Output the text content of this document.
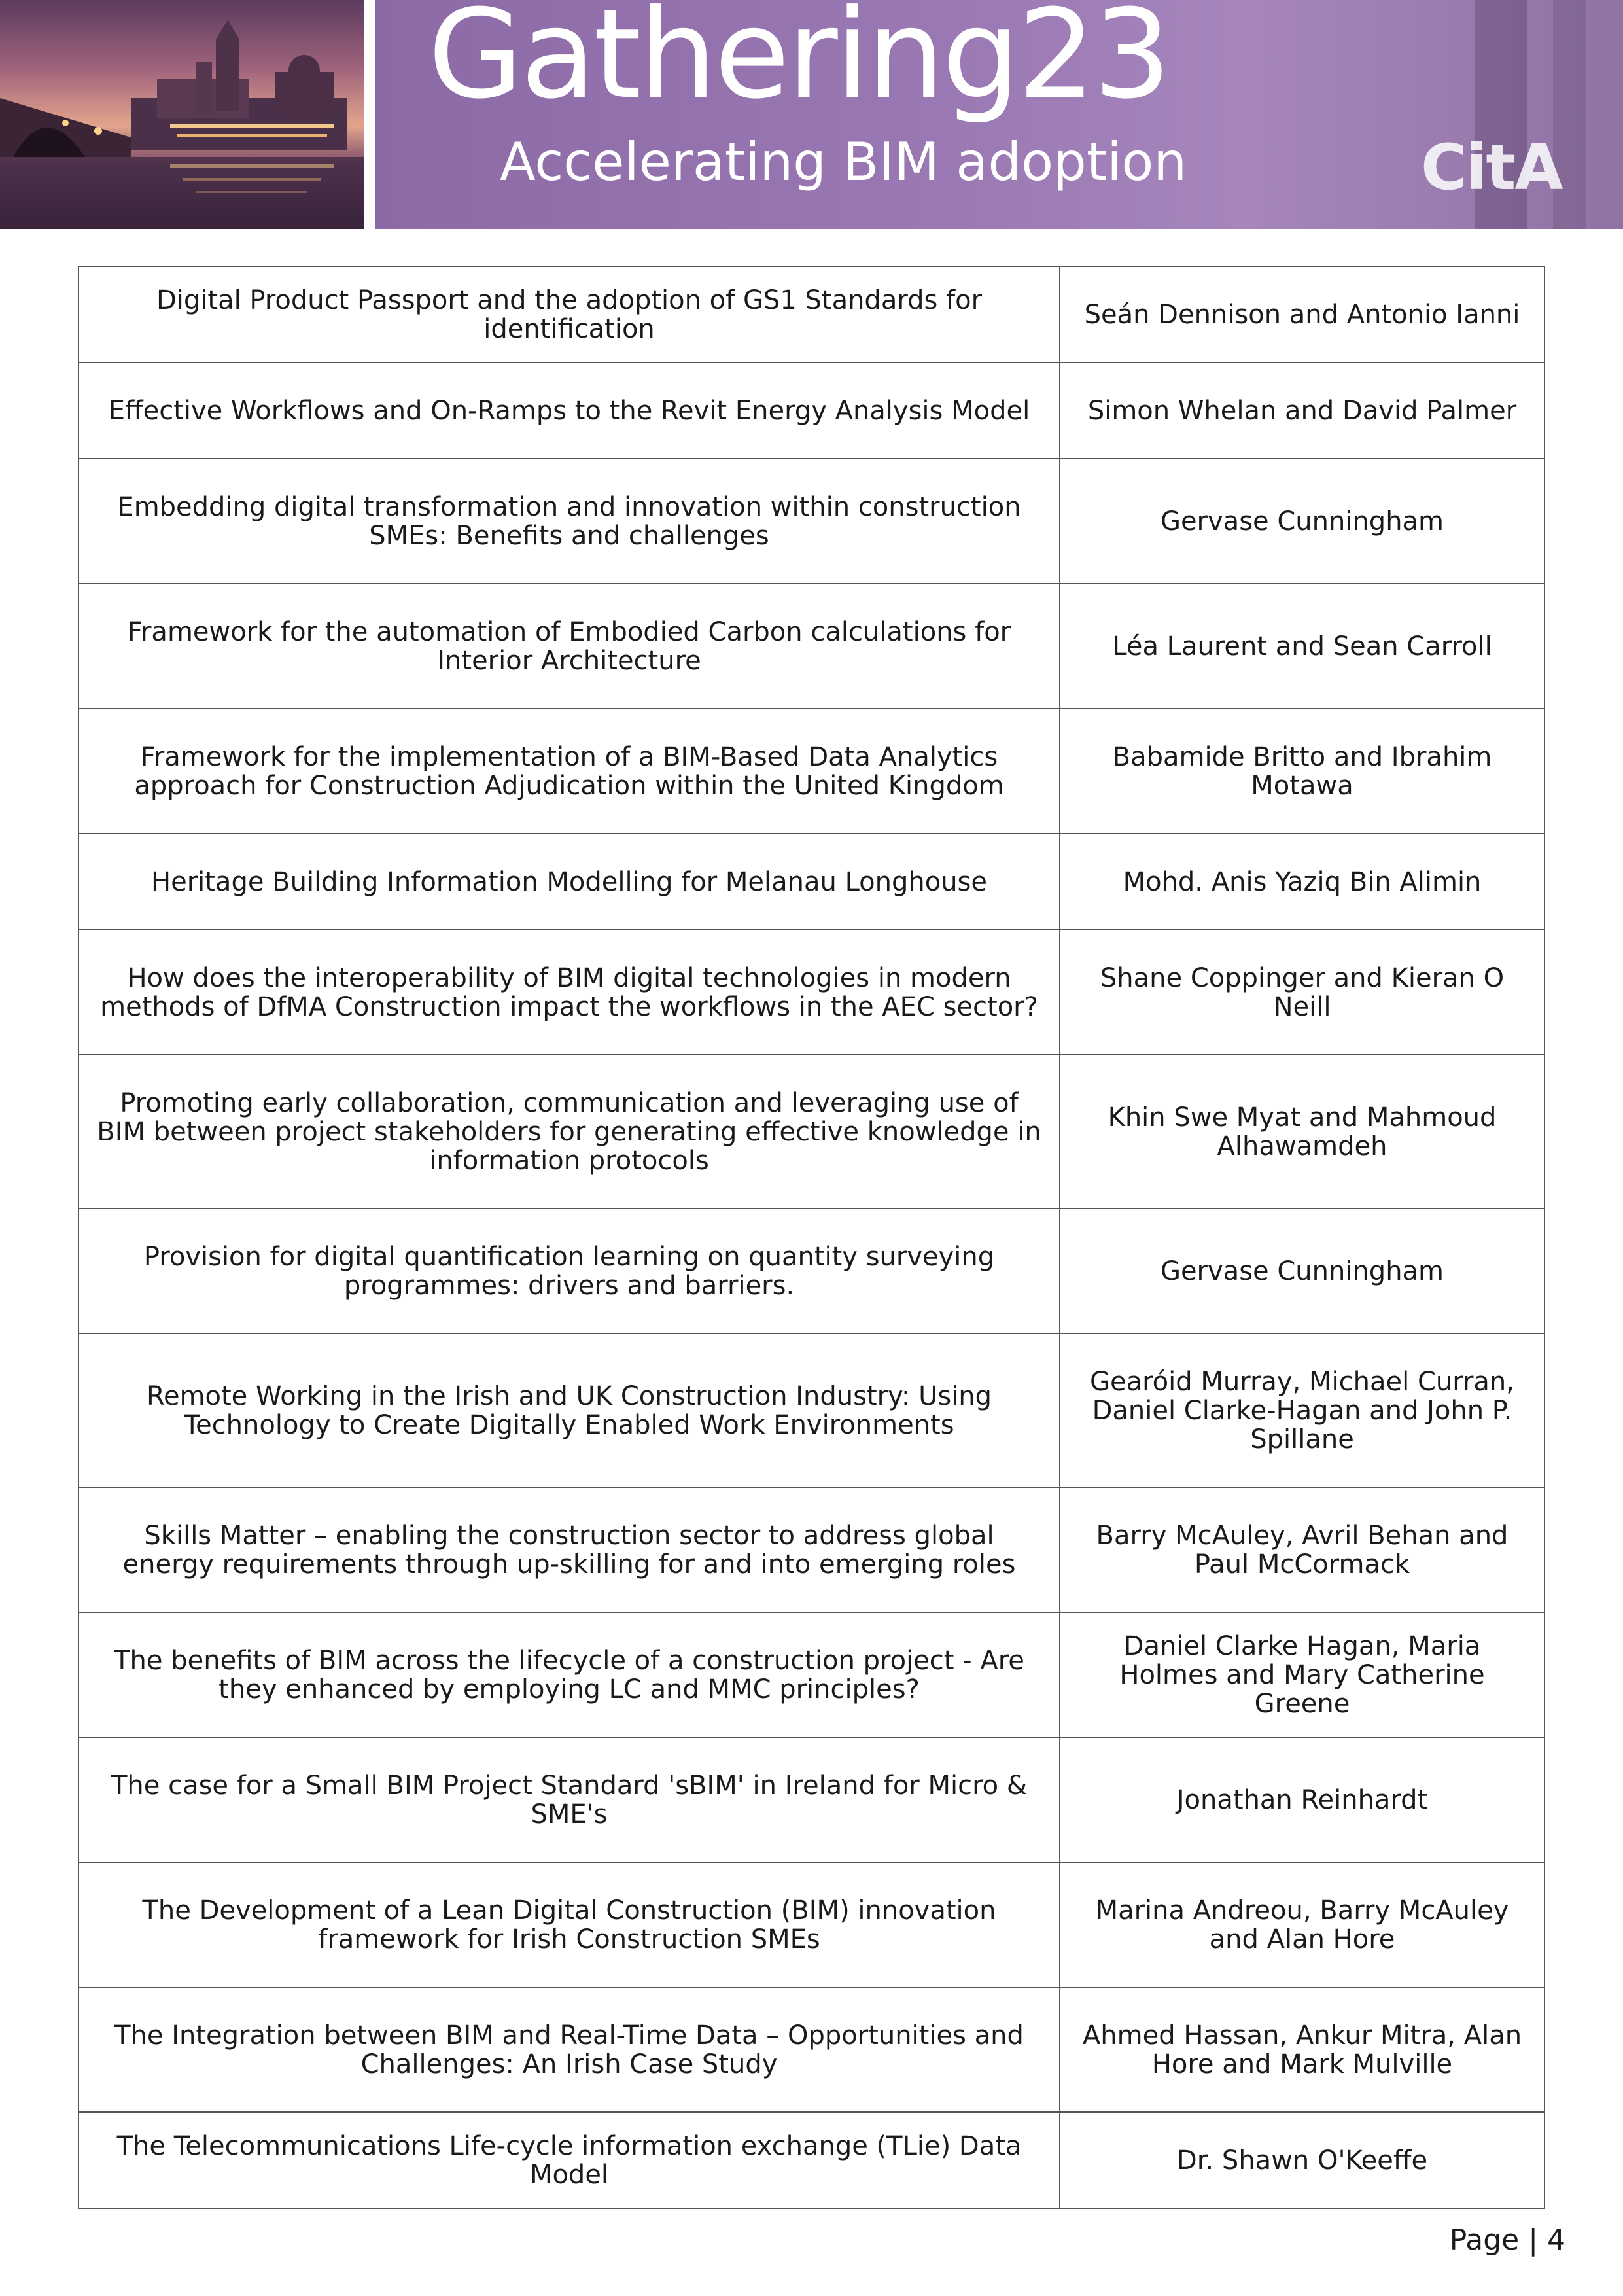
Gathering23
Accelerating BIM adoption	CitA
Digital Product Passport and the adoption of GS1 Standards for identification	Seán Dennison and Antonio Ianni
Effective Workflows and On-Ramps to the Revit Energy Analysis Model	Simon Whelan and David Palmer
Embedding digital transformation and innovation within construction SMEs: Benefits and challenges	Gervase Cunningham
Framework for the automation of Embodied Carbon calculations for Interior Architecture	Léa Laurent and Sean Carroll
Framework for the implementation of a BIM-Based Data Analytics approach for Construction Adjudication within the United Kingdom	Babamide Britto and Ibrahim Motawa
Heritage Building Information Modelling for Melanau Longhouse	Mohd. Anis Yaziq Bin Alimin
How does the interoperability of BIM digital technologies in modern methods of DfMA Construction impact the workflows in the AEC sector?	Shane Coppinger and Kieran O Neill
Promoting early collaboration, communication and leveraging use of BIM between project stakeholders for generating effective knowledge in information protocols	Khin Swe Myat and Mahmoud Alhawamdeh
Provision for digital quantification learning on quantity surveying programmes: drivers and barriers.	Gervase Cunningham
Remote Working in the Irish and UK Construction Industry: Using Technology to Create Digitally Enabled Work Environments	Gearóid Murray, Michael Curran, Daniel Clarke-Hagan and John P. Spillane
Skills Matter – enabling the construction sector to address global energy requirements through up-skilling for and into emerging roles	Barry McAuley, Avril Behan and Paul McCormack
The benefits of BIM across the lifecycle of a construction project - Are they enhanced by employing LC and MMC principles?	Daniel Clarke Hagan, Maria Holmes and Mary Catherine Greene
The case for a Small BIM Project Standard 'sBIM' in Ireland for Micro & SME's	Jonathan Reinhardt
The Development of a Lean Digital Construction (BIM) innovation framework for Irish Construction SMEs	Marina Andreou, Barry McAuley and Alan Hore
The Integration between BIM and Real-Time Data – Opportunities and Challenges: An Irish Case Study	Ahmed Hassan, Ankur Mitra, Alan Hore and Mark Mulville
The Telecommunications Life-cycle information exchange (TLie) Data Model	Dr. Shawn O'Keeffe
Page | 4
